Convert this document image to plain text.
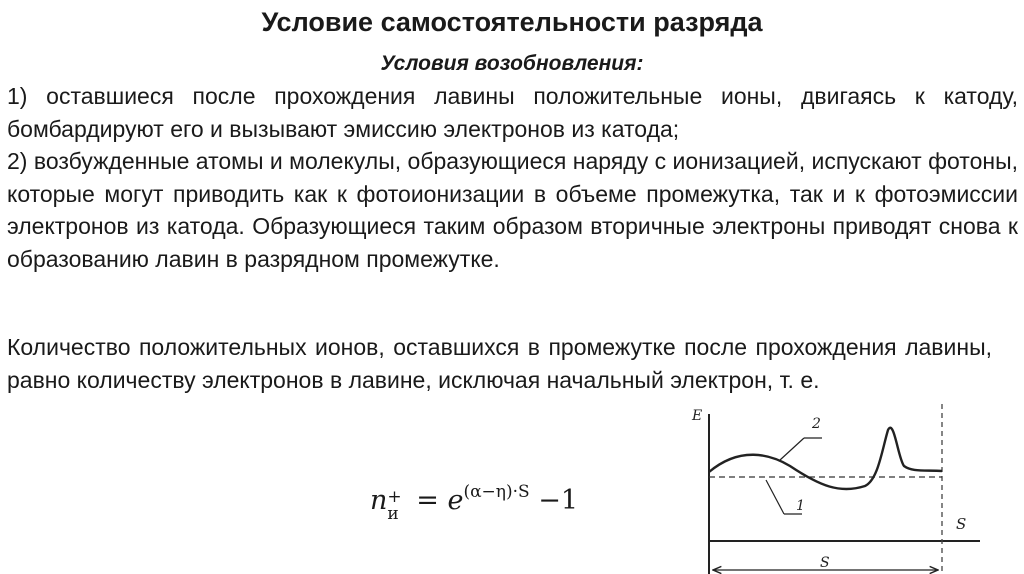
Условие самостоятельности разряда
Условия возобновления:
1) оставшиеся после прохождения лавины положительные ионы, двигаясь к катоду, бомбардируют его и вызывают эмиссию электронов из катода;
2) возбужденные атомы и молекулы, образующиеся наряду с ионизацией, испускают фотоны, которые могут приводить как к фотоионизации в объеме промежутка, так и к фотоэмиссии электронов из катода. Образующиеся таким образом вторичные электроны приводят снова к образованию лавин в разрядном промежутке.
Количество положительных ионов, оставшихся в промежутке после прохождения лавины, равно количеству электронов в лавине, исключая начальный электрон, т. е.
n +
$и = e^{(\alpha-\eta)\cdot S} -1$
E
S
2
1
S
